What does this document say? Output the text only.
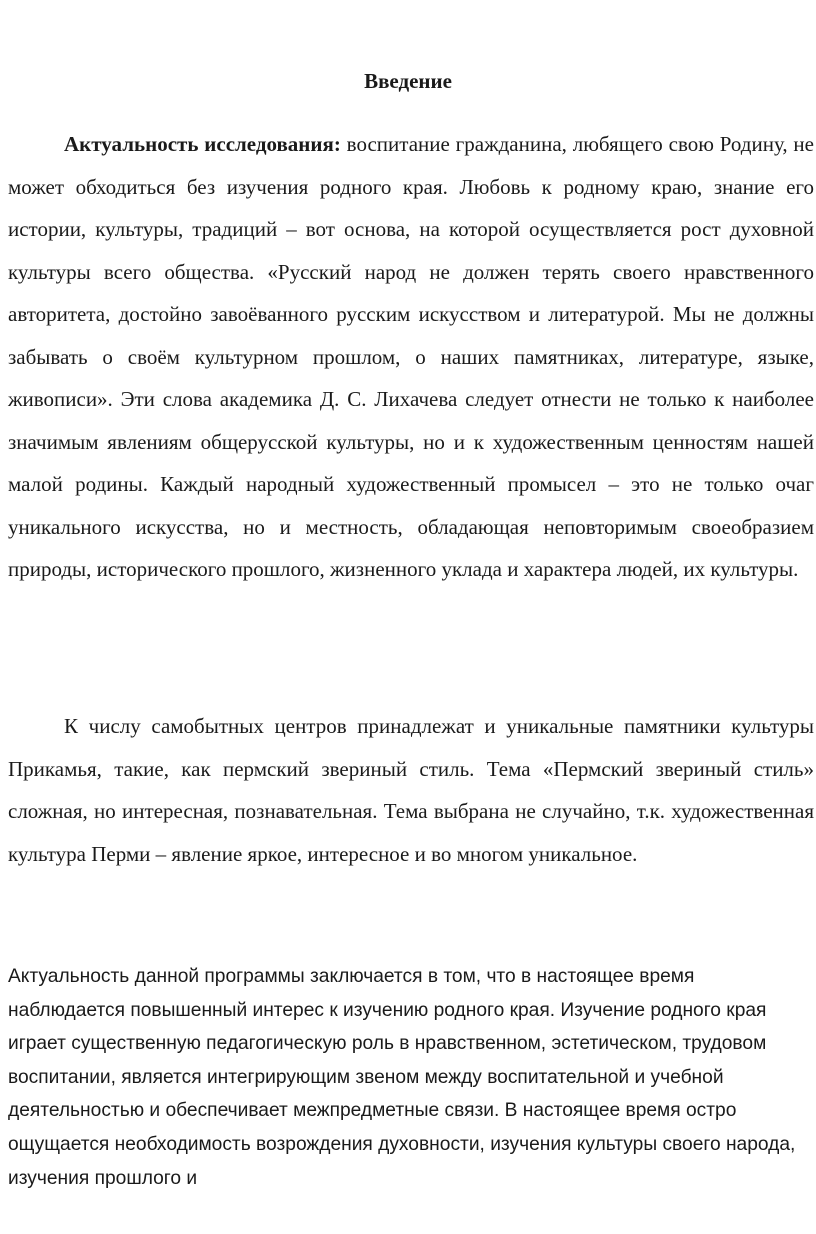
Введение

Актуальность исследования: воспитание гражданина, любящего свою Родину, не может обходиться без изучения родного края. Любовь к родному краю, знание его истории, культуры, традиций – вот основа, на которой осуществляется рост духовной культуры всего общества. «Русский народ не должен терять своего нравственного авторитета, достойно завоёванного русским искусством и литературой. Мы не должны забывать о своём культурном прошлом, о наших памятниках, литературе, языке, живописи». Эти слова академика Д. С. Лихачева следует отнести не только к наиболее значимым явлениям общерусской культуры, но и к художественным ценностям нашей малой родины. Каждый народный художественный промысел – это не только очаг уникального искусства, но и местность, обладающая неповторимым своеобразием природы, исторического прошлого, жизненного уклада и характера людей, их культуры.

К числу самобытных центров принадлежат и уникальные памятники культуры Прикамья, такие, как пермский звериный стиль. Тема «Пермский звериный стиль» сложная, но интересная, познавательная. Тема выбрана не случайно, т.к. художественная культура Перми – явление яркое, интересное и во многом уникальное.

Актуальность данной программы заключается в том, что в настоящее время наблюдается повышенный интерес к изучению родного края. Изучение родного края играет существенную педагогическую роль в нравственном, эстетическом, трудовом воспитании, является интегрирующим звеном между воспитательной и учебной деятельностью и обеспечивает межпредметные связи. В настоящее время остро ощущается необходимость возрождения духовности, изучения культуры своего народа, изучения прошлого и
